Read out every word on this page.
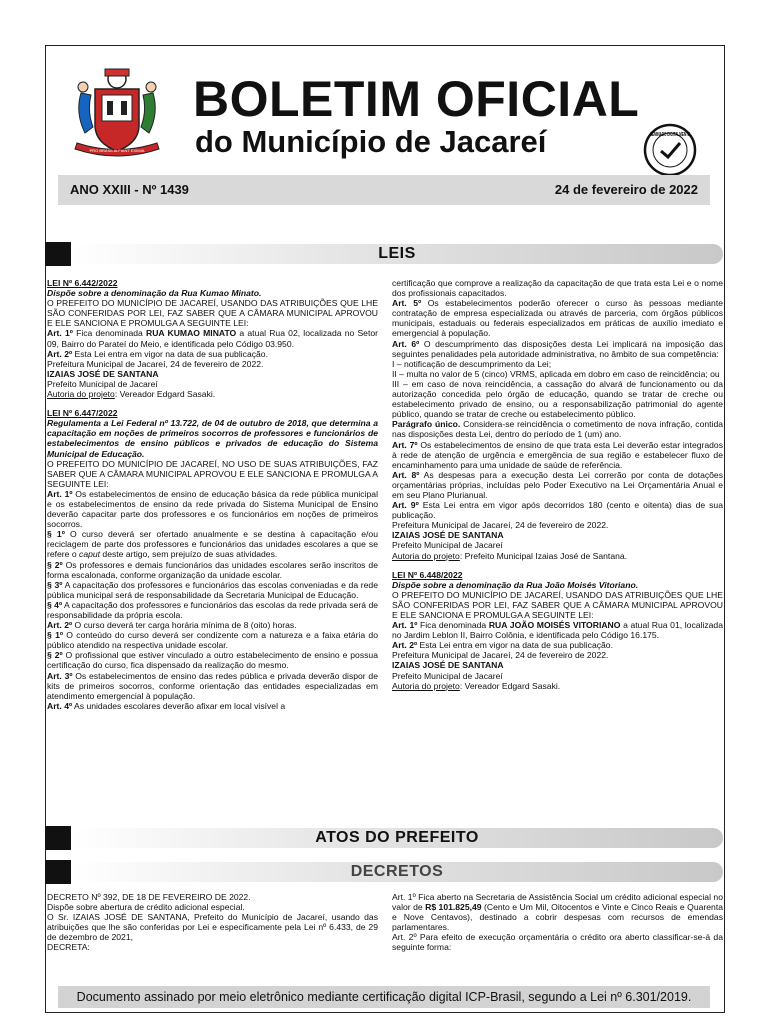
PRO BRASILIA FIANT EXIMIA
BOLETIM OFICIAL
do Município de Jacareí	SEMINADO DIGITALMENTE
ANO XXIII - Nº 1439	24 de fevereiro de 2022
LEIS

LEI Nº 6.442/2022

Dispõe sobre a denominação da Rua Kumao Minato.

O PREFEITO DO MUNICÍPIO DE JACAREÍ, USANDO DAS ATRIBUIÇÕES QUE LHE SÃO CONFERIDAS POR LEI, FAZ SABER QUE A CÂMARA MUNICIPAL APROVOU E ELE SANCIONA E PROMULGA A SEGUINTE LEI:

Art. 1º Fica denominada RUA KUMAO MINATO a atual Rua 02, localizada no Setor 09, Bairro do Parateí do Meio, e identificada pelo Código 03.950.

Art. 2º Esta Lei entra em vigor na data de sua publicação.

Prefeitura Municipal de Jacareí, 24 de fevereiro de 2022.

IZAIAS JOSÉ DE SANTANA

Prefeito Municipal de Jacareí

Autoria do projeto: Vereador Edgard Sasaki.

LEI Nº 6.447/2022

Regulamenta a Lei Federal nº 13.722, de 04 de outubro de 2018, que determina a capacitação em noções de primeiros socorros de professores e funcionários de estabelecimentos de ensino públicos e privados de educação do Sistema Municipal de Educação.

O PREFEITO DO MUNICÍPIO DE JACAREÍ, NO USO DE SUAS ATRIBUIÇÕES, FAZ SABER QUE A CÂMARA MUNICIPAL APROVOU E ELE SANCIONA E PROMULGA A SEGUINTE LEI:

Art. 1º Os estabelecimentos de ensino de educação básica da rede pública municipal e os estabelecimentos de ensino da rede privada do Sistema Municipal de Ensino deverão capacitar parte dos professores e os funcionários em noções de primeiros socorros.

§ 1º O curso deverá ser ofertado anualmente e se destina à capacitação e/ou reciclagem de parte dos professores e funcionários das unidades escolares a que se refere o caput deste artigo, sem prejuízo de suas atividades.

§ 2º Os professores e demais funcionários das unidades escolares serão inscritos de forma escalonada, conforme organização da unidade escolar.

§ 3º A capacitação dos professores e funcionários das escolas conveniadas e da rede pública municipal será de responsabilidade da Secretaria Municipal de Educação.

§ 4º A capacitação dos professores e funcionários das escolas da rede privada será de responsabilidade da própria escola.

Art. 2º O curso deverá ter carga horária mínima de 8 (oito) horas.

§ 1º O conteúdo do curso deverá ser condizente com a natureza e a faixa etária do público atendido na respectiva unidade escolar.

§ 2º O profissional que estiver vinculado a outro estabelecimento de ensino e possua certificação do curso, fica dispensado da realização do mesmo.

Art. 3º Os estabelecimentos de ensino das redes pública e privada deverão dispor de kits de primeiros socorros, conforme orientação das entidades especializadas em atendimento emergencial à população.

Art. 4º As unidades escolares deverão afixar em local visível a

certificação que comprove a realização da capacitação de que trata esta Lei e o nome dos profissionais capacitados.

Art. 5º Os estabelecimentos poderão oferecer o curso às pessoas mediante contratação de empresa especializada ou através de parceria, com órgãos públicos municipais, estaduais ou federais especializados em práticas de auxílio imediato e emergencial à população.

Art. 6º O descumprimento das disposições desta Lei implicará na imposição das seguintes penalidades pela autoridade administrativa, no âmbito de sua competência:

I – notificação de descumprimento da Lei;

II – multa no valor de 5 (cinco) VRMS, aplicada em dobro em caso de reincidência; ou

III – em caso de nova reincidência, a cassação do alvará de funcionamento ou da autorização concedida pelo órgão de educação, quando se tratar de creche ou estabelecimento privado de ensino, ou a responsabilização patrimonial do agente público, quando se tratar de creche ou estabelecimento público.

Parágrafo único. Considera-se reincidência o cometimento de nova infração, contida nas disposições desta Lei, dentro do período de 1 (um) ano.

Art. 7º Os estabelecimentos de ensino de que trata esta Lei deverão estar integrados à rede de atenção de urgência e emergência de sua região e estabelecer fluxo de encaminhamento para uma unidade de saúde de referência.

Art. 8º As despesas para a execução desta Lei correrão por conta de dotações orçamentárias próprias, incluídas pelo Poder Executivo na Lei Orçamentária Anual e em seu Plano Plurianual.

Art. 9º Esta Lei entra em vigor após decorridos 180 (cento e oitenta) dias de sua publicação.

Prefeitura Municipal de Jacareí, 24 de fevereiro de 2022.

IZAIAS JOSÉ DE SANTANA

Prefeito Municipal de Jacareí

Autoria do projeto: Prefeito Municipal Izaias José de Santana.

LEI Nº 6.448/2022

Dispõe sobre a denominação da Rua João Moisés Vitoriano.

O PREFEITO DO MUNICÍPIO DE JACAREÍ, USANDO DAS ATRIBUIÇÕES QUE LHE SÃO CONFERIDAS POR LEI, FAZ SABER QUE A CÂMARA MUNICIPAL APROVOU E ELE SANCIONA E PROMULGA A SEGUINTE LEI:

Art. 1º Fica denominada RUA JOÃO MOISÉS VITORIANO a atual Rua 01, localizada no Jardim Leblon II, Bairro Colônia, e identificada pelo Código 16.175.

Art. 2º Esta Lei entra em vigor na data de sua publicação.

Prefeitura Municipal de Jacareí, 24 de fevereiro de 2022.

IZAIAS JOSÉ DE SANTANA

Prefeito Municipal de Jacareí

Autoria do projeto: Vereador Edgard Sasaki.

ATOS DO PREFEITO
DECRETOS

DECRETO Nº 392, DE 18 DE FEVEREIRO DE 2022.

Dispõe sobre abertura de crédito adicional especial.

O Sr. IZAIAS JOSÉ DE SANTANA, Prefeito do Município de Jacareí, usando das atribuições que lhe são conferidas por Lei e especificamente pela Lei nº 6.433, de 29 de dezembro de 2021,

DECRETA:

Art. 1º Fica aberto na Secretaria de Assistência Social um crédito adicional especial no valor de R$ 101.825,49 (Cento e Um Mil, Oitocentos e Vinte e Cinco Reais e Quarenta e Nove Centavos), destinado a cobrir despesas com recursos de emendas parlamentares.

Art. 2º Para efeito de execução orçamentária o crédito ora aberto classificar-se-á da seguinte forma:

Documento assinado por meio eletrônico mediante certificação digital ICP-Brasil, segundo a Lei nº 6.301/2019.
